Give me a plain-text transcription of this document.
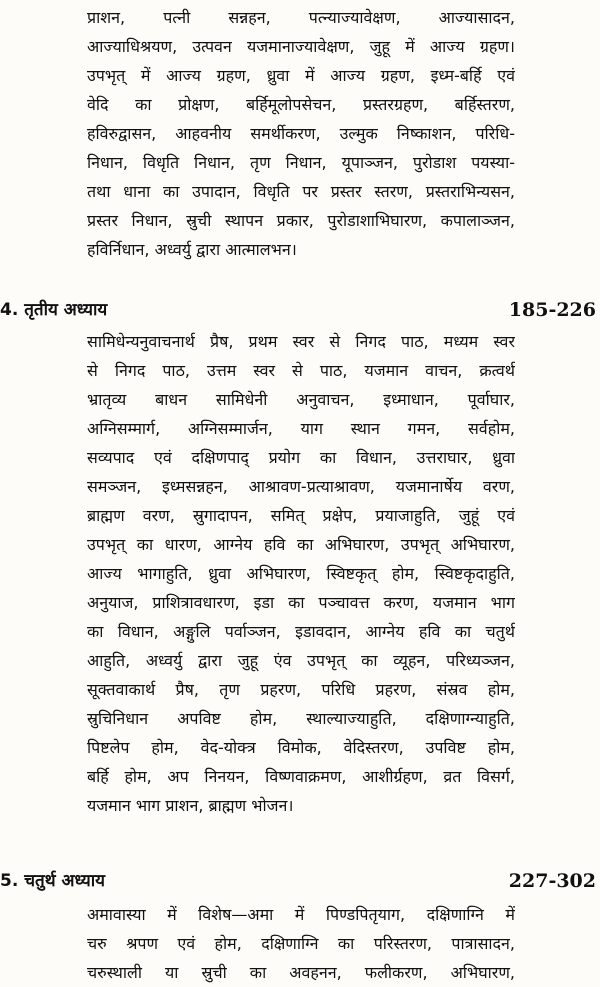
प्राशन, पत्नी सन्नहन, पत्न्याज्यावेक्षण, आज्यासादन,
आज्याधिश्रयण, उत्पवन यजमानाज्यावेक्षण, जुहू में आज्य ग्रहण।
उपभृत् में आज्य ग्रहण, ध्रुवा में आज्य ग्रहण, इध्म-बर्हि एवं
वेदि का प्रोक्षण, बर्हिमूलोपसेचन, प्रस्तरग्रहण, बर्हिस्तरण,
हविरुद्वासन, आहवनीय समर्थीकरण, उल्मुक निष्काशन, परिधि-
निधान, विधृति निधान, तृण निधान, यूपाञ्जन, पुरोडाश पयस्या-
तथा धाना का उपादान, विधृति पर प्रस्तर स्तरण, प्रस्तराभिन्यसन,
प्रस्तर निधान, स्रुची स्थापन प्रकार, पुरोडाशाभिघारण, कपालाञ्जन,
हविर्निधान, अध्वर्यु द्वारा आत्मालभन।
4. तृतीय अध्याय	185-226
सामिधेन्यनुवाचनार्थ प्रैष, प्रथम स्वर से निगद पाठ, मध्यम स्वर
से निगद पाठ, उत्तम स्वर से पाठ, यजमान वाचन, क्रत्वर्थ
भ्रातृव्य बाधन सामिधेनी अनुवाचन, इध्माधान, पूर्वाघार,
अग्निसम्मार्ग, अग्निसम्मार्जन, याग स्थान गमन, सर्वहोम,
सव्यपाद एवं दक्षिणपाद् प्रयोग का विधान, उत्तराघार, ध्रुवा
समञ्जन, इध्मसन्नहन, आश्रावण-प्रत्याश्रावण, यजमानार्षेय वरण,
ब्राह्मण वरण, स्रुगादापन, समित् प्रक्षेप, प्रयाजाहुति, जुहूं एवं
उपभृत् का धारण, आग्नेय हवि का अभिघारण, उपभृत् अभिघारण,
आज्य भागाहुति, ध्रुवा अभिघारण, स्विष्टकृत् होम, स्विष्टकृदाहुति,
अनुयाज, प्राशित्रावधारण, इडा का पञ्चावत्त करण, यजमान भाग
का विधान, अङ्गुलि पर्वाञ्जन, इडावदान, आग्नेय हवि का चतुर्थ
आहुति, अध्वर्यु द्वारा जुहू एंव उपभृत् का व्यूहन, परिध्यञ्जन,
सूक्तवाकार्थ प्रैष, तृण प्रहरण, परिधि प्रहरण, संस्रव होम,
स्रुचिनिधान अपविष्ट होम, स्थाल्याज्याहुति, दक्षिणाग्न्याहुति,
पिष्टलेप होम, वेद-योक्त्र विमोक, वेदिस्तरण, उपविष्ट होम,
बर्हि होम, अप निनयन, विष्णवाक्रमण, आशीर्ग्रहण, व्रत विसर्ग,
यजमान भाग प्राशन, ब्राह्मण भोजन।
5. चतुर्थ अध्याय	227-302
अमावास्या में विशेष—अमा में पिण्डपितृयाग, दक्षिणाग्नि में
चरु श्रपण एवं होम, दक्षिणाग्नि का परिस्तरण, पात्रासादन,
चरुस्थाली या स्रुची का अवहनन, फलीकरण, अभिघारण,
